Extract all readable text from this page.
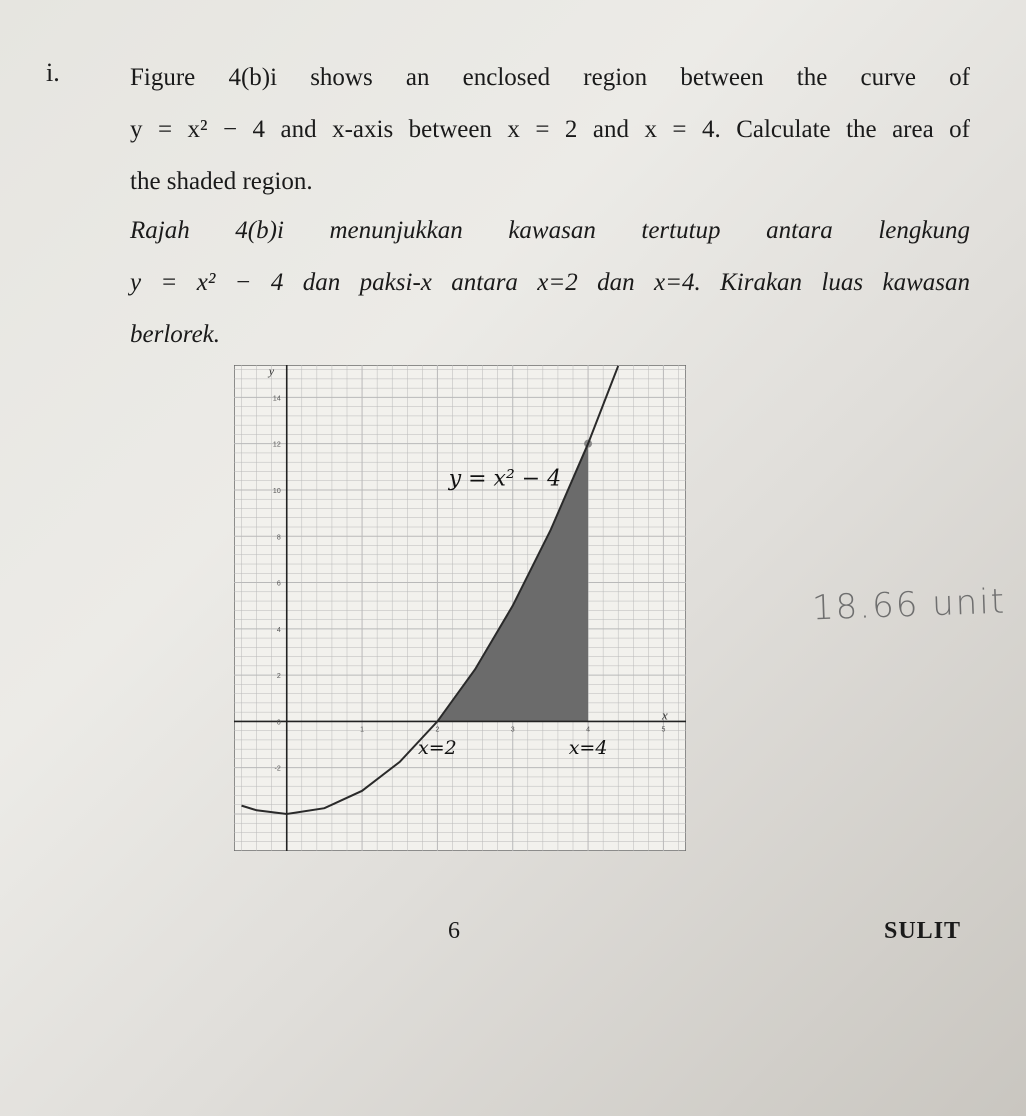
i.	Figure 4(b)i shows an enclosed region between the curve of
y = x² − 4 and x-axis between x = 2 and x = 4. Calculate the area of
the shaded region.

Rajah 4(b)i menunjukkan kawasan tertutup antara lengkung
y = x² − 4 dan paksi-x antara x=2 dan x=4. Kirakan luas kawasan
berlorek.

14
12
10
8
6
4
2
0
-2
1	2	3	4	5
y
x
y = x² − 4
x=2	x=4
18.66 unit
6	SULIT
